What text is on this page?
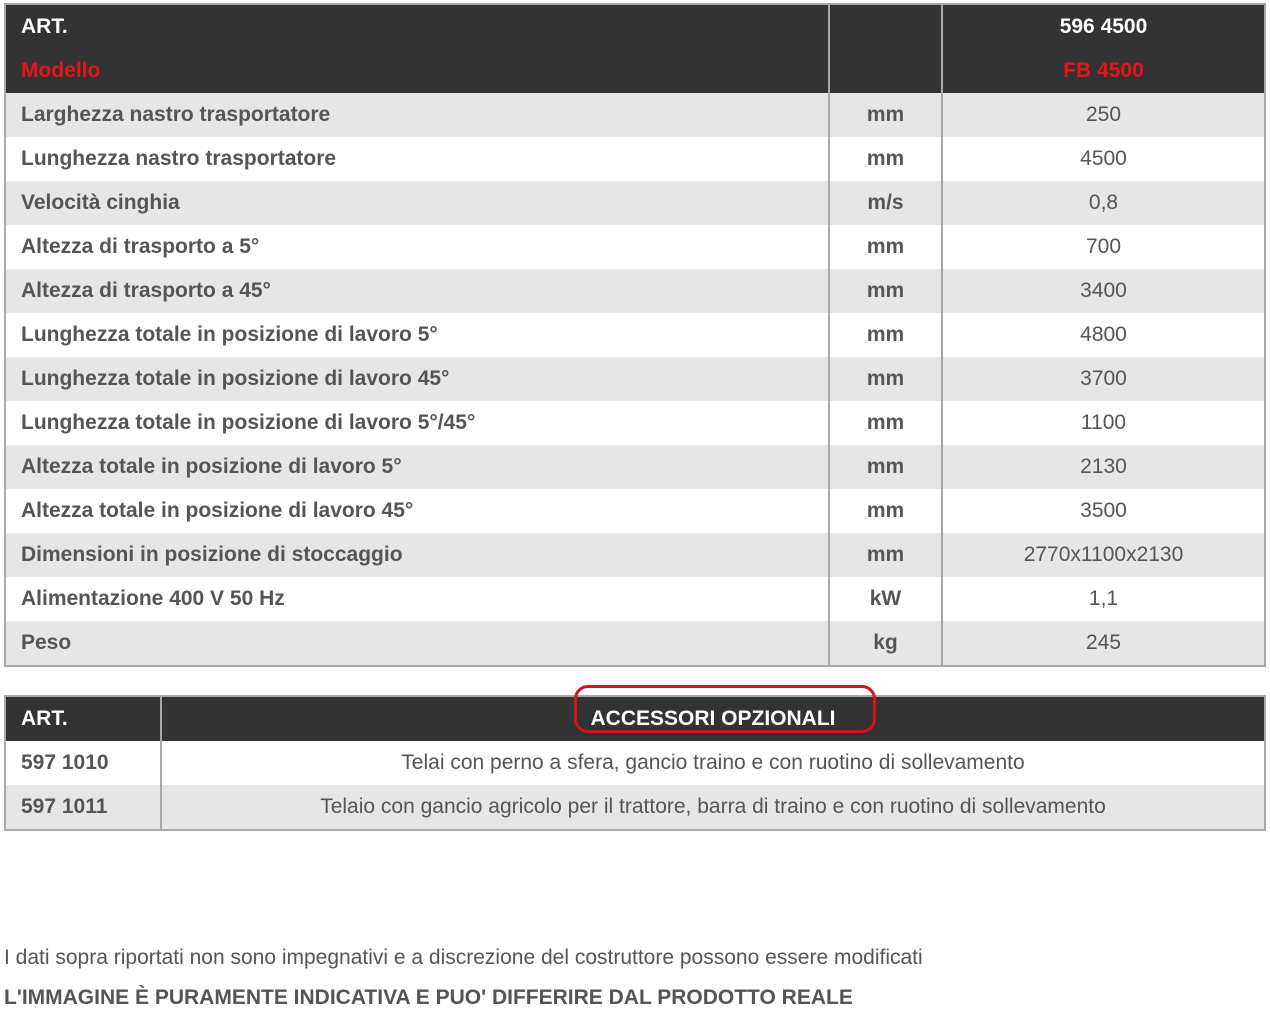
ART.		596 4500
Modello		FB 4500
Larghezza nastro trasportatore	mm	250
Lunghezza nastro trasportatore	mm	4500
Velocità cinghia	m/s	0,8
Altezza di trasporto a 5°	mm	700
Altezza di trasporto a 45°	mm	3400
Lunghezza totale in posizione di lavoro 5°	mm	4800
Lunghezza totale in posizione di lavoro 45°	mm	3700
Lunghezza totale in posizione di lavoro 5°/45°	mm	1100
Altezza totale in posizione di lavoro 5°	mm	2130
Altezza totale in posizione di lavoro 45°	mm	3500
Dimensioni in posizione di stoccaggio	mm	2770x1100x2130
Alimentazione 400 V 50 Hz	kW	1,1
Peso	kg	245
ART.	ACCESSORI OPZIONALI
597 1010	Telai con perno a sfera, gancio traino e con ruotino di sollevamento
597 1011	Telaio con gancio agricolo per il trattore, barra di traino e con ruotino di sollevamento
I dati sopra riportati non sono impegnativi e a discrezione del costruttore possono essere modificati
L'IMMAGINE È PURAMENTE INDICATIVA E PUO' DIFFERIRE DAL PRODOTTO REALE
